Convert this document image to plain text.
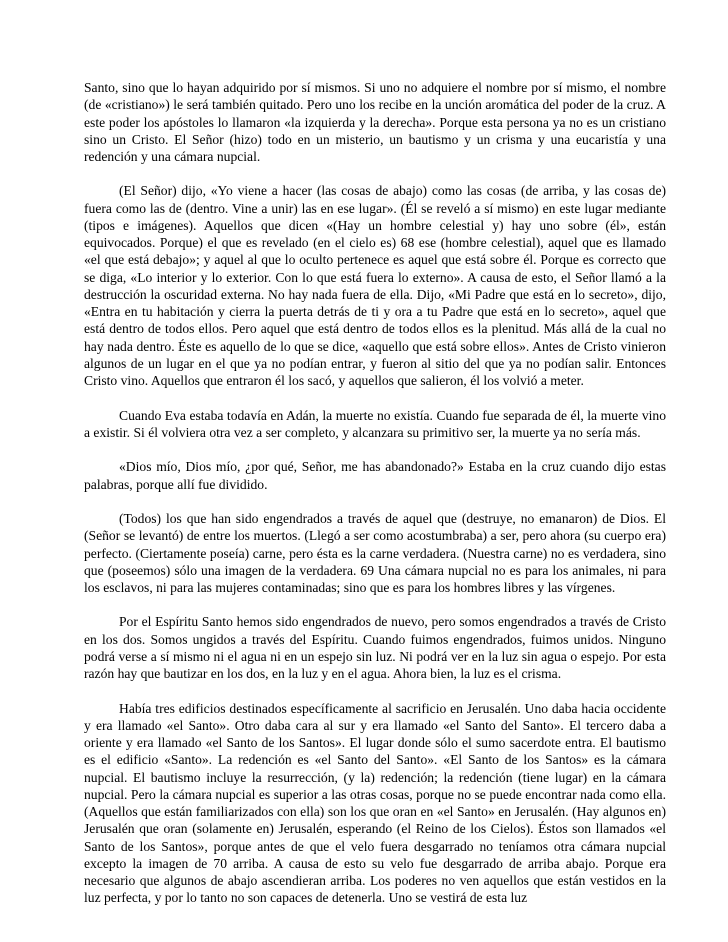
Santo, sino que lo hayan adquirido por sí mismos. Si uno no adquiere el nombre por sí mismo, el nombre (de «cristiano») le será también quitado. Pero uno los recibe en la unción aromática del poder de la cruz. A este poder los apóstoles lo llamaron «la izquierda y la derecha». Porque esta persona ya no es un cristiano sino un Cristo. El Señor (hizo) todo en un misterio, un bautismo y un crisma y una eucaristía y una redención y una cámara nupcial.

(El Señor) dijo, «Yo viene a hacer (las cosas de abajo) como las cosas (de arriba, y las cosas de) fuera como las de (dentro. Vine a unir) las en ese lugar». (Él se reveló a sí mismo) en este lugar mediante (tipos e imágenes). Aquellos que dicen «(Hay un hombre celestial y) hay uno sobre (él», están equivocados. Porque) el que es revelado (en el cielo es) 68 ese (hombre celestial), aquel que es llamado «el que está debajo»; y aquel al que lo oculto pertenece es aquel que está sobre él. Porque es correcto que se diga, «Lo interior y lo exterior. Con lo que está fuera lo externo». A causa de esto, el Señor llamó a la destrucción la oscuridad externa. No hay nada fuera de ella. Dijo, «Mi Padre que está en lo secreto», dijo, «Entra en tu habitación y cierra la puerta detrás de ti y ora a tu Padre que está en lo secreto», aquel que está dentro de todos ellos. Pero aquel que está dentro de todos ellos es la plenitud. Más allá de la cual no hay nada dentro. Éste es aquello de lo que se dice, «aquello que está sobre ellos». Antes de Cristo vinieron algunos de un lugar en el que ya no podían entrar, y fueron al sitio del que ya no podían salir. Entonces Cristo vino. Aquellos que entraron él los sacó, y aquellos que salieron, él los volvió a meter.

Cuando Eva estaba todavía en Adán, la muerte no existía. Cuando fue separada de él, la muerte vino a existir. Si él volviera otra vez a ser completo, y alcanzara su primitivo ser, la muerte ya no sería más.

«Dios mío, Dios mío, ¿por qué, Señor, me has abandonado?» Estaba en la cruz cuando dijo estas palabras, porque allí fue dividido.

(Todos) los que han sido engendrados a través de aquel que (destruye, no emanaron) de Dios. El (Señor se levantó) de entre los muertos. (Llegó a ser como acostumbraba) a ser, pero ahora (su cuerpo era) perfecto. (Ciertamente poseía) carne, pero ésta es la carne verdadera. (Nuestra carne) no es verdadera, sino que (poseemos) sólo una imagen de la verdadera. 69 Una cámara nupcial no es para los animales, ni para los esclavos, ni para las mujeres contaminadas; sino que es para los hombres libres y las vírgenes.

Por el Espíritu Santo hemos sido engendrados de nuevo, pero somos engendrados a través de Cristo en los dos. Somos ungidos a través del Espíritu. Cuando fuimos engendrados, fuimos unidos. Ninguno podrá verse a sí mismo ni el agua ni en un espejo sin luz. Ni podrá ver en la luz sin agua o espejo. Por esta razón hay que bautizar en los dos, en la luz y en el agua. Ahora bien, la luz es el crisma.

Había tres edificios destinados específicamente al sacrificio en Jerusalén. Uno daba hacia occidente y era llamado «el Santo». Otro daba cara al sur y era llamado «el Santo del Santo». El tercero daba a oriente y era llamado «el Santo de los Santos». El lugar donde sólo el sumo sacerdote entra. El bautismo es el edificio «Santo». La redención es «el Santo del Santo». «El Santo de los Santos» es la cámara nupcial. El bautismo incluye la resurrección, (y la) redención; la redención (tiene lugar) en la cámara nupcial. Pero la cámara nupcial es superior a las otras cosas, porque no se puede encontrar nada como ella. (Aquellos que están familiarizados con ella) son los que oran en «el Santo» en Jerusalén. (Hay algunos en) Jerusalén que oran (solamente en) Jerusalén, esperando (el Reino de los Cielos). Éstos son llamados «el Santo de los Santos», porque antes de que el velo fuera desgarrado no teníamos otra cámara nupcial excepto la imagen de 70 arriba. A causa de esto su velo fue desgarrado de arriba abajo. Porque era necesario que algunos de abajo ascendieran arriba. Los poderes no ven aquellos que están vestidos en la luz perfecta, y por lo tanto no son capaces de detenerla. Uno se vestirá de esta luz
